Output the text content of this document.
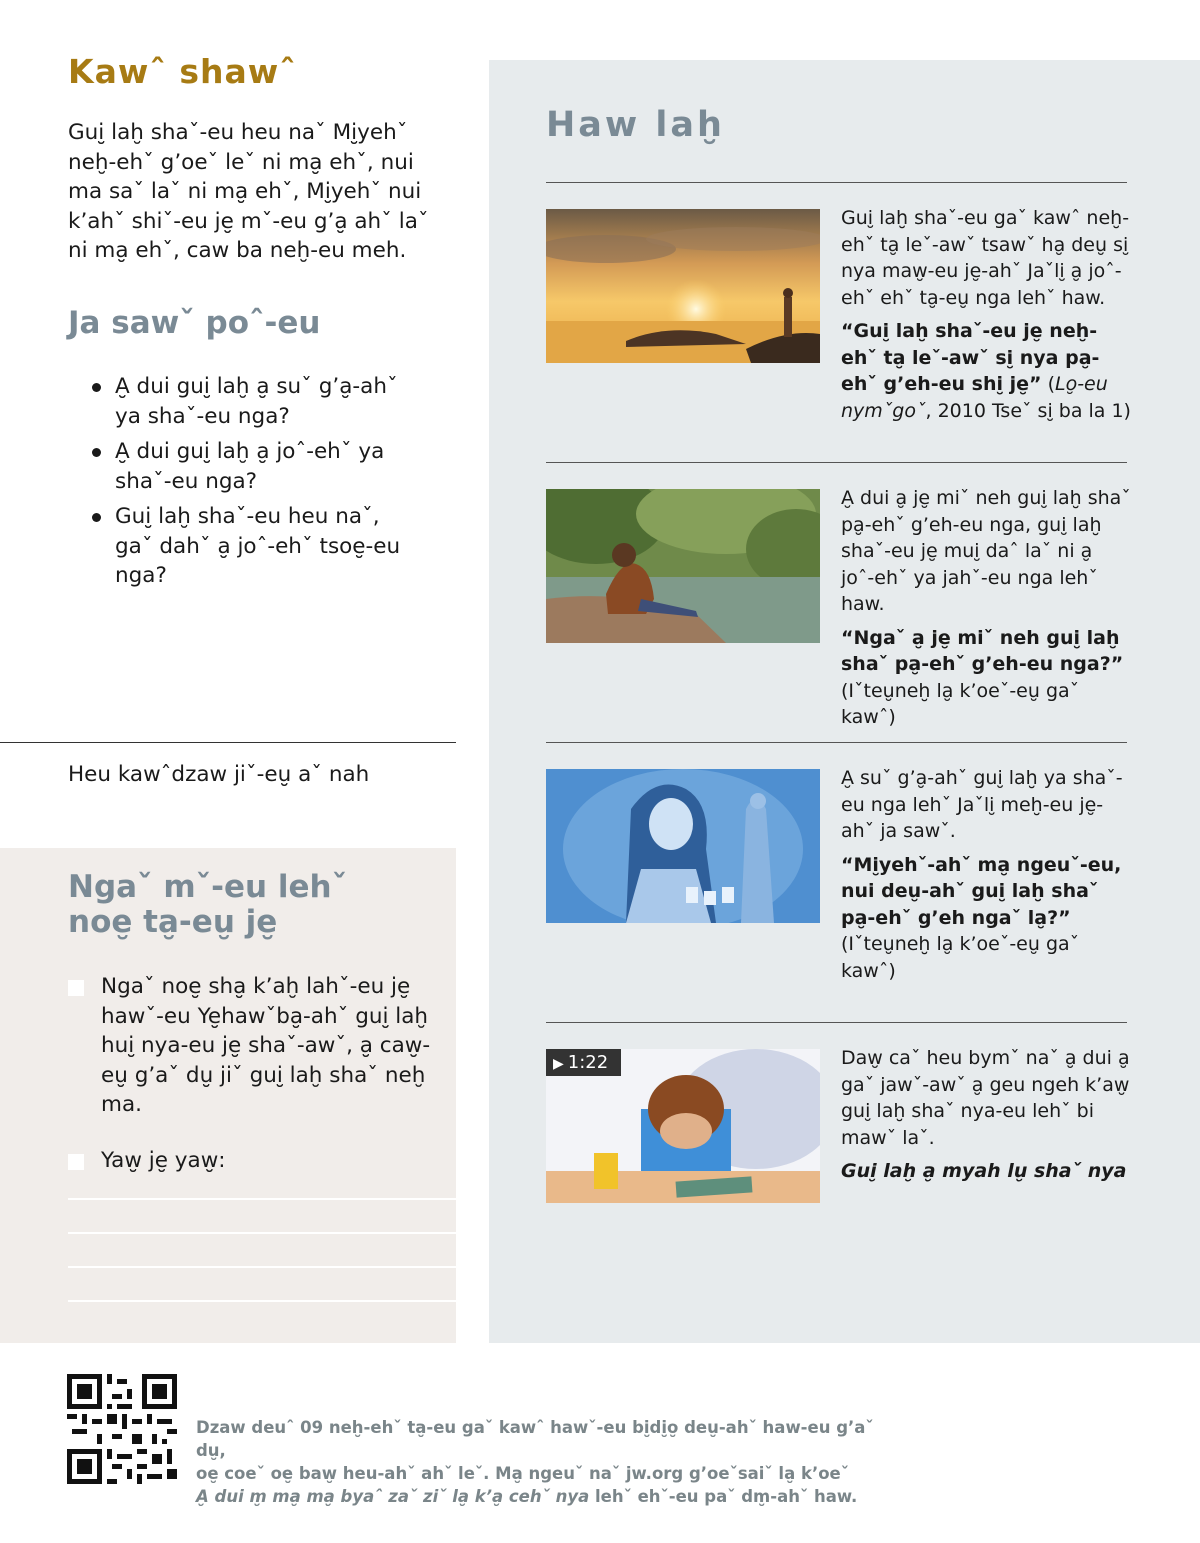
Kawˆ shawˆ

Gui̮ laḫ shaˇ-eu heu naˇ Mi̮yehˇ neḫ-ehˇ g’oeˇ leˇ ni ma̮ ehˇ, nui ma saˇ laˇ ni ma̮ ehˇ, Mi̮yehˇ nui k’ahˇ shiˇ-eu je̮ mˇ-eu g’a̮ ahˇ laˇ ni ma̮ ehˇ, caw ba neḫ-eu meh.

Ja sawˇ poˆ-eu
A̮ dui gui̮ laḫ a̮ suˇ g’a̮-ahˇ ya shaˇ-eu nga?
A̮ dui gui̮ laḫ a̮ joˆ-ehˇ ya shaˇ-eu nga?
Gui̮ laḫ shaˇ-eu heu naˇ, gaˇ dahˇ a̮ joˆ-ehˇ tsoe̮-eu nga?
Heu kawˆdzaw jiˇ-eu̮ aˇ nah
Ngaˇ mˇ-eu lehˇ
noe̮ ta̮-eu̮ je̮
Ngaˇ noe̮ sha̮ k’aḫ lahˇ-eu je̮ hawˇ-eu Ye̮hawˇba̮-ahˇ gui̮ laḫ hui̮ nya-eu je̮ shaˇ-awˇ, a̮ caw̮-eu̮ g’aˇ du̮ jiˇ gui̮ laḫ shaˇ neḫ ma.
Yaw̮ je̮ yaw̮:
Haw laḫ

Gui̮ laḫ shaˇ-eu gaˇ kawˆ neḫ-ehˇ ta̮ leˇ-awˇ tsawˇ ha̮ deu̮ si̮ nya maw̮-eu je̮-ahˇ Jaˇli̮ a̮ joˆ-ehˇ ehˇ ta̮-eu̮ nga lehˇ haw.

“Gui̮ laḫ shaˇ-eu je̮ neḫ-ehˇ ta̮ leˇ-awˇ si̮ nya pa̮-ehˇ g’eh-eu shi̮ je̮” (Lo̮-eu nymˇgoˇ, 2010 Tseˇ si̮ ba la 1)

A̮ dui a̮ je̮ miˇ neh gui̮ laḫ shaˇ pa̮-ehˇ g’eh-eu nga, gui̮ laḫ shaˇ-eu je̮ mui̮ daˆ laˇ ni a̮ joˆ-ehˇ ya jahˇ-eu nga lehˇ haw.

“Ngaˇ a̮ je̮ miˇ neh gui̮ laḫ shaˇ pa̮-ehˇ g’eh-eu nga?”
(Iˇteu̮neḫ la̮ k’oeˇ-eu̮ gaˇ kawˆ)

A̮ suˇ g’a̮-ahˇ gui̮ laḫ ya shaˇ-eu nga lehˇ Jaˇli̮ meḫ-eu je̮-ahˇ ja sawˇ.

“Mi̮yehˇ-ahˇ ma̮ ngeuˇ-eu, nui deu̮-ahˇ gui̮ laḫ shaˇ pa̮-ehˇ g’eh ngaˇ la̮?”
(Iˇteu̮neḫ la̮ k’oeˇ-eu̮ gaˇ kawˆ)

▶ 1:22	Daw̮ caˇ heu bymˇ naˇ a̮ dui a̮ gaˇ jawˇ-awˇ a̮ geu ngeh k’aw̮ gui̮ laḫ shaˇ nya-eu lehˇ bi mawˇ laˇ.

Gui̮ laḫ a̮ myah lu̮ shaˇ nya

Dzaw deuˆ 09 neḫ-ehˇ ta̮-eu gaˇ kawˆ hawˇ-eu bi̮di̮o̮ deu̮-ahˇ haw-eu g’aˇ du̮,

oe̮ coeˇ oe̮ baw̮ heu-ahˇ ahˇ leˇ. Ma̮ ngeuˇ naˇ jw.org g’oeˇsaiˇ la̮ k’oeˇ

A̮ dui m̮ ma̮ ma̮ byaˆ zaˇ ziˇ la̮ k’a̮ cehˇ nya lehˇ ehˇ-eu paˇ dm̮-ahˇ haw.
